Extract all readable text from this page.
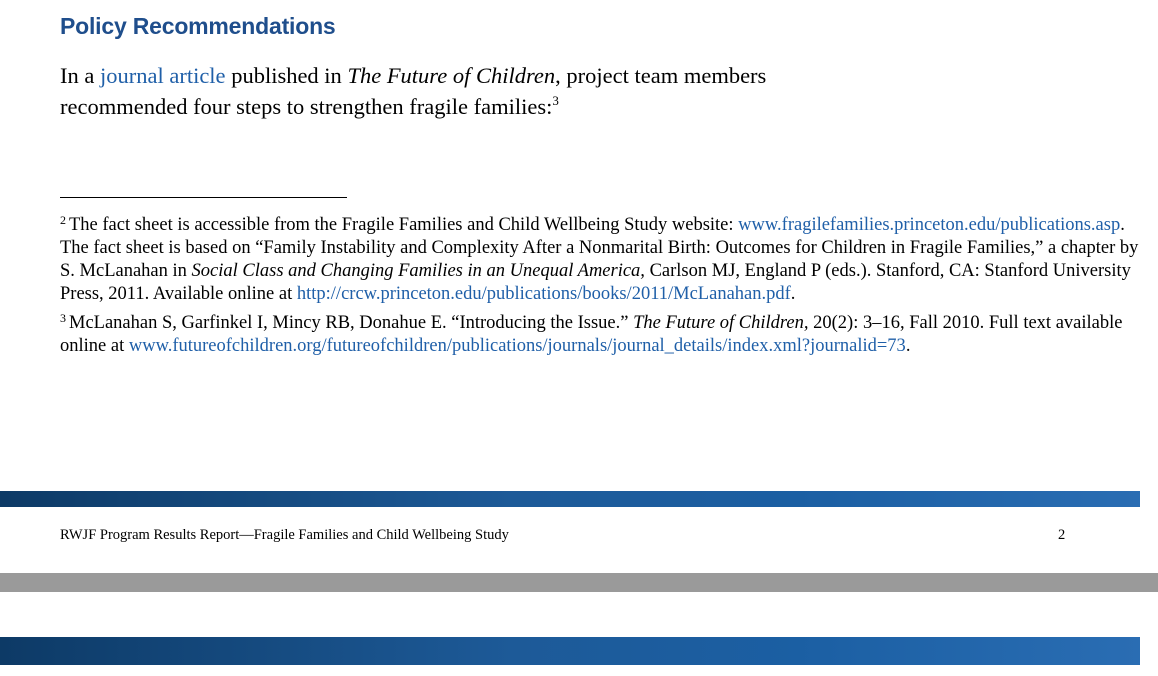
Policy Recommendations
In a journal article published in The Future of Children, project team members recommended four steps to strengthen fragile families:$^3$

$^2$ The fact sheet is accessible from the Fragile Families and Child Wellbeing Study website: www.fragilefamilies.princeton.edu/publications.asp. The fact sheet is based on “Family Instability and Complexity After a Nonmarital Birth: Outcomes for Children in Fragile Families,” a chapter by S. McLanahan in Social Class and Changing Families in an Unequal America, Carlson MJ, England P (eds.). Stanford, CA: Stanford University Press, 2011. Available online at http://crcw.princeton.edu/publications/books/2011/McLanahan.pdf.

$^3$ McLanahan S, Garfinkel I, Mincy RB, Donahue E. “Introducing the Issue.” The Future of Children, 20(2): 3–16, Fall 2010. Full text available online at www.futureofchildren.org/futureofchildren/publications/journals/journal_details/index.xml?journalid=73.

RWJF Program Results Report—Fragile Families and Child Wellbeing Study	2
